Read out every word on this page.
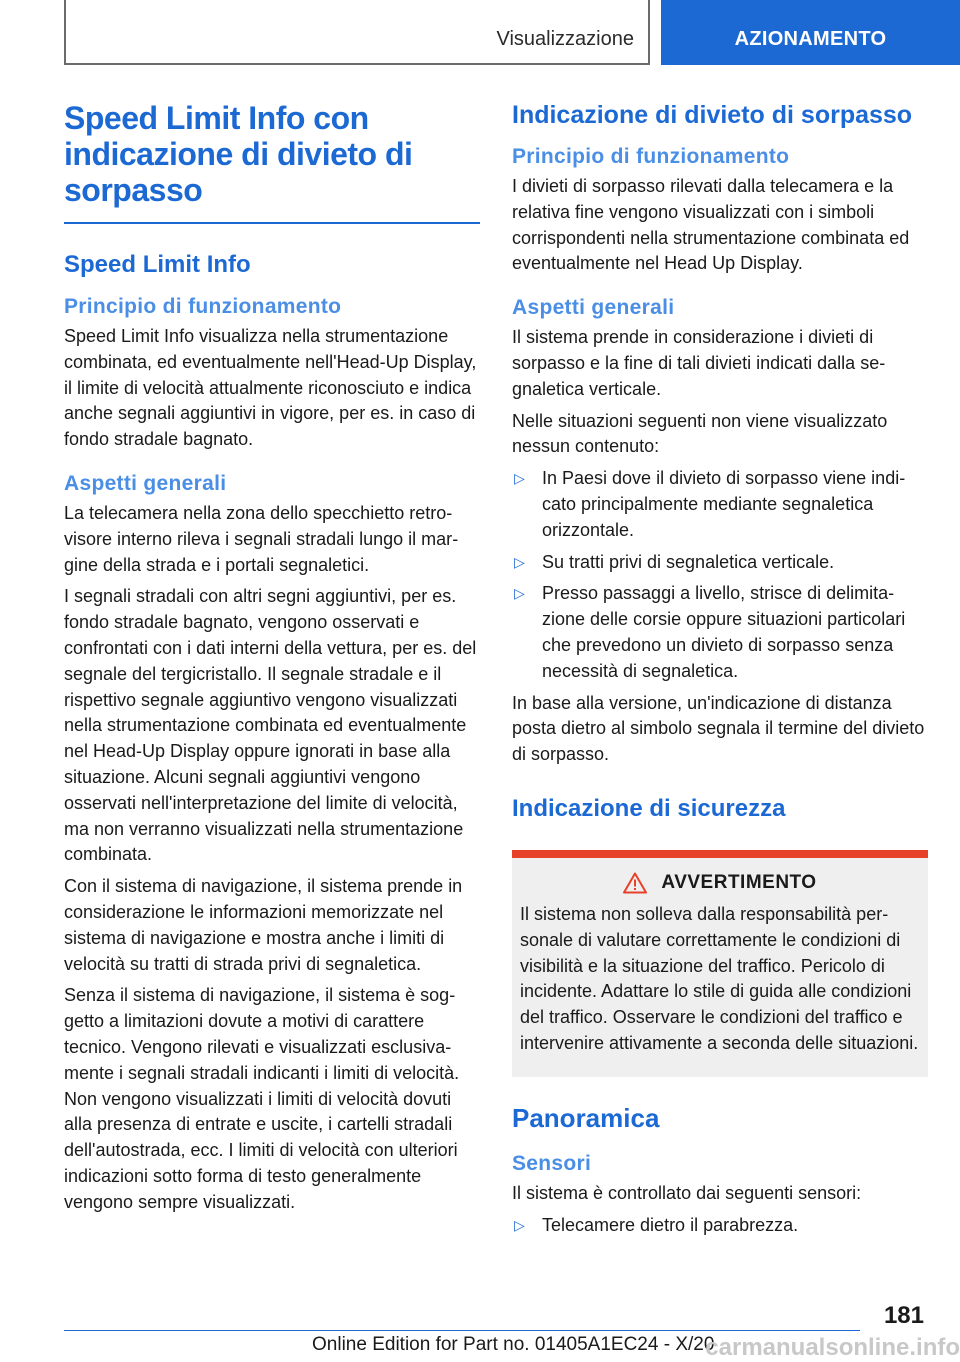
Visualizzazione	AZIONAMENTO
Speed Limit Info con indicazione di divieto di sorpasso
Speed Limit Info
Principio di funzionamento
Speed Limit Info visualizza nella strumentazione combinata, ed eventualmente nell'Head-Up Display, il limite di velocità attualmente riconosciuto e indica anche segnali aggiuntivi in vigore, per es. in caso di fondo stradale bagnato.
Aspetti generali
La telecamera nella zona dello specchietto retrovisore interno rileva i segnali stradali lungo il margine della strada e i portali segnaletici.
I segnali stradali con altri segni aggiuntivi, per es. fondo stradale bagnato, vengono osservati e confrontati con i dati interni della vettura, per es. del segnale del tergicristallo. Il segnale stradale e il rispettivo segnale aggiuntivo vengono visualizzati nella strumentazione combinata ed eventualmente nel Head-Up Display oppure ignorati in base alla situazione. Alcuni segnali aggiuntivi vengono osservati nell'interpretazione del limite di velocità, ma non verranno visualizzati nella strumentazione combinata.
Con il sistema di navigazione, il sistema prende in considerazione le informazioni memorizzate nel sistema di navigazione e mostra anche i limiti di velocità su tratti di strada privi di segnaletica.
Senza il sistema di navigazione, il sistema è soggetto a limitazioni dovute a motivi di carattere tecnico. Vengono rilevati e visualizzati esclusivamente i segnali stradali indicanti i limiti di velocità. Non vengono visualizzati i limiti di velocità dovuti alla presenza di entrate e uscite, i cartelli stradali dell'autostrada, ecc. I limiti di velocità con ulteriori indicazioni sotto forma di testo generalmente vengono sempre visualizzati.
Indicazione di divieto di sorpasso
Principio di funzionamento
I divieti di sorpasso rilevati dalla telecamera e la relativa fine vengono visualizzati con i simboli corrispondenti nella strumentazione combinata ed eventualmente nel Head Up Display.
Aspetti generali
Il sistema prende in considerazione i divieti di sorpasso e la fine di tali divieti indicati dalla segnaletica verticale.
Nelle situazioni seguenti non viene visualizzato nessun contenuto:
▷ In Paesi dove il divieto di sorpasso viene indicato principalmente mediante segnaletica orizzontale.
▷ Su tratti privi di segnaletica verticale.
▷ Presso passaggi a livello, strisce di delimitazione delle corsie oppure situazioni particolari che prevedono un divieto di sorpasso senza necessità di segnaletica.
In base alla versione, un'indicazione di distanza posta dietro al simbolo segnala il termine del divieto di sorpasso.
Indicazione di sicurezza
AVVERTIMENTO
Il sistema non solleva dalla responsabilità personale di valutare correttamente le condizioni di visibilità e la situazione del traffico. Pericolo di incidente. Adattare lo stile di guida alle condizioni del traffico. Osservare le condizioni del traffico e intervenire attivamente a seconda delle situazioni.
Panoramica
Sensori
Il sistema è controllato dai seguenti sensori:
▷ Telecamere dietro il parabrezza.
181
Online Edition for Part no. 01405A1EC24 - X/20
carmanualsonline.info
